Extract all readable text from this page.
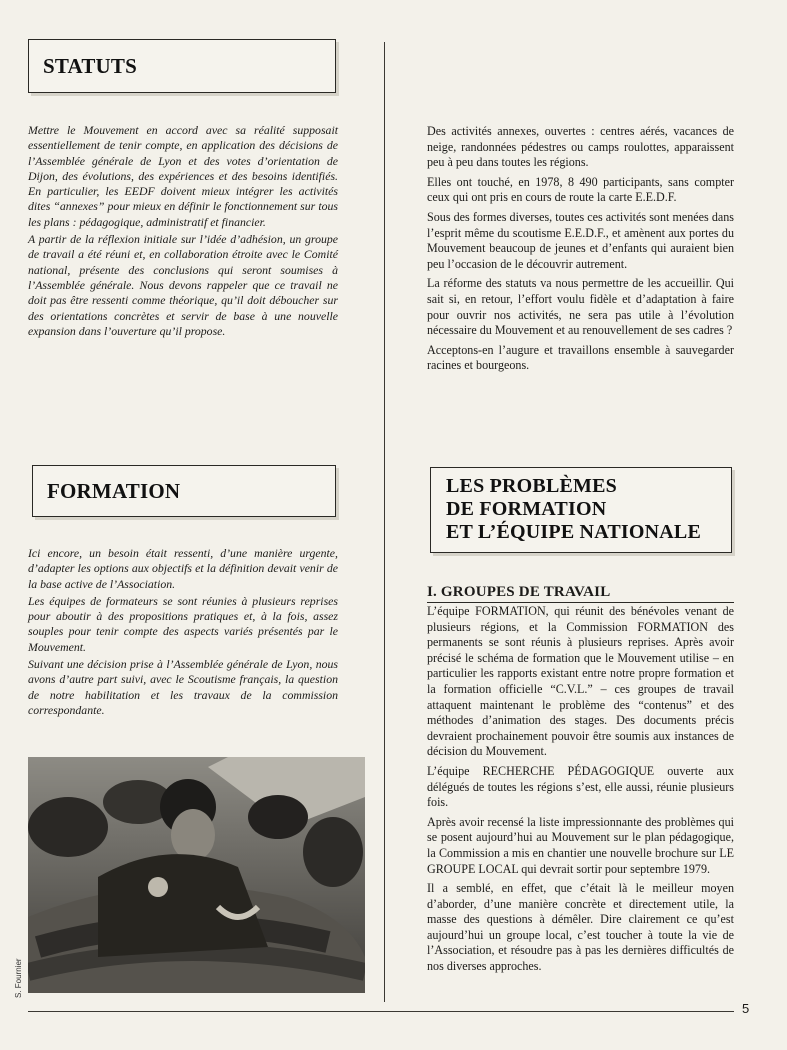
STATUTS

Mettre le Mouvement en accord avec sa réalité supposait essentiellement de tenir compte, en application des décisions de l’Assemblée générale de Lyon et des votes d’orientation de Dijon, des évolutions, des expériences et des besoins identifiés. En particulier, les EEDF doivent mieux intégrer les activités dites “annexes” pour mieux en définir le fonctionnement sur tous les plans : pédagogique, administratif et financier.

A partir de la réflexion initiale sur l’idée d’adhésion, un groupe de travail a été réuni et, en collaboration étroite avec le Comité national, présente des conclusions qui seront soumises à l’Assemblée générale. Nous devons rappeler que ce travail ne doit pas être ressenti comme théorique, qu’il doit déboucher sur des orientations concrètes et servir de base à une nouvelle expansion dans l’ouverture qu’il propose.

Des activités annexes, ouvertes : centres aérés, vacances de neige, randonnées pédestres ou camps roulottes, apparaissent peu à peu dans toutes les régions.

Elles ont touché, en 1978, 8 490 participants, sans compter ceux qui ont pris en cours de route la carte E.E.D.F.

Sous des formes diverses, toutes ces activités sont menées dans l’esprit même du scoutisme E.E.D.F., et amènent aux portes du Mouvement beaucoup de jeunes et d’enfants qui auraient bien peu l’occasion de le découvrir autrement.

La réforme des statuts va nous permettre de les accueillir. Qui sait si, en retour, l’effort voulu fidèle et d’adaptation à faire pour ouvrir nos activités, ne sera pas utile à l’évolution nécessaire du Mouvement et au renouvellement de ses cadres ?

Acceptons-en l’augure et travaillons ensemble à sauvegarder racines et bourgeons.

FORMATION

Ici encore, un besoin était ressenti, d’une manière urgente, d’adapter les options aux objectifs et la définition devait venir de la base active de l’Association.

Les équipes de formateurs se sont réunies à plusieurs reprises pour aboutir à des propositions pratiques et, à la fois, assez souples pour tenir compte des aspects variés présentés par le Mouvement.

Suivant une décision prise à l’Assemblée générale de Lyon, nous avons d’autre part suivi, avec le Scoutisme français, la question de notre habilitation et les travaux de la commission correspondante.

LES PROBLÈMES
DE FORMATION
ET L’ÉQUIPE NATIONALE
I. GROUPES DE TRAVAIL

L’équipe FORMATION, qui réunit des bénévoles venant de plusieurs régions, et la Commission FORMATION des permanents se sont réunis à plusieurs reprises. Après avoir précisé le schéma de formation que le Mouvement utilise – en particulier les rapports existant entre notre propre formation et la formation officielle “C.V.L.” – ces groupes de travail attaquent maintenant le problème des “contenus” et des méthodes d’animation des stages. Des documents précis devraient prochainement pouvoir être soumis aux instances de décision du Mouvement.

L’équipe RECHERCHE PÉDAGOGIQUE ouverte aux délégués de toutes les régions s’est, elle aussi, réunie plusieurs fois.

Après avoir recensé la liste impressionnante des problèmes qui se posent aujourd’hui au Mouvement sur le plan pédagogique, la Commission a mis en chantier une nouvelle brochure sur LE GROUPE LOCAL qui devrait sortir pour septembre 1979.

Il a semblé, en effet, que c’était là le meilleur moyen d’aborder, d’une manière concrète et directement utile, la masse des questions à démêler. Dire clairement ce qu’est aujourd’hui un groupe local, c’est toucher à toute la vie de l’Association, et résoudre pas à pas les dernières difficultés de nos diverses approches.

S. Fournier
5
